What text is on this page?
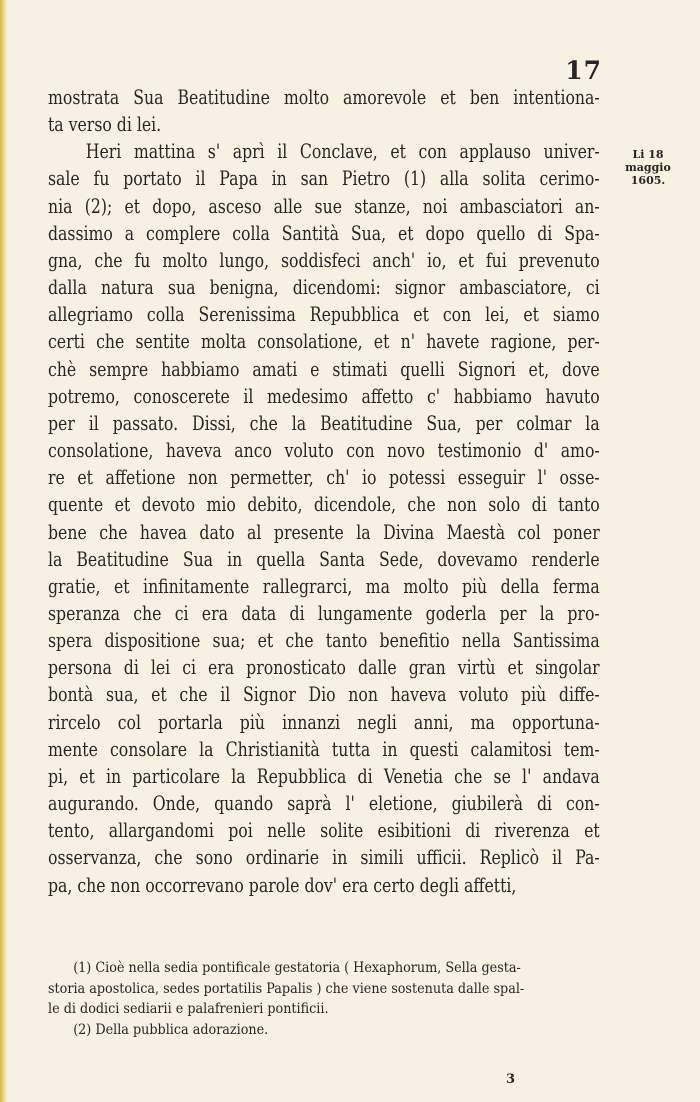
17
Li 18
maggio
1605.
mostrata Sua Beatitudine molto amorevole et ben intentiona-
ta verso di lei.
Heri mattina s' aprì il Conclave, et con applauso univer-
sale fu portato il Papa in san Pietro (1) alla solita cerimo-
nia (2); et dopo, asceso alle sue stanze, noi ambasciatori an-
dassimo a complere colla Santità Sua, et dopo quello di Spa-
gna, che fu molto lungo, soddisfeci anch' io, et fui prevenuto
dalla natura sua benigna, dicendomi: signor ambasciatore, ci
allegriamo colla Serenissima Repubblica et con lei, et siamo
certi che sentite molta consolatione, et n' havete ragione, per-
chè sempre habbiamo amati e stimati quelli Signori et, dove
potremo, conoscerete il medesimo affetto c' habbiamo havuto
per il passato. Dissi, che la Beatitudine Sua, per colmar la
consolatione, haveva anco voluto con novo testimonio d' amo-
re et affetione non permetter, ch' io potessi esseguir l' osse-
quente et devoto mio debito, dicendole, che non solo di tanto
bene che havea dato al presente la Divina Maestà col poner
la Beatitudine Sua in quella Santa Sede, dovevamo renderle
gratie, et infinitamente rallegrarci, ma molto più della ferma
speranza che ci era data di lungamente goderla per la pro-
spera dispositione sua; et che tanto benefitio nella Santissima
persona di lei ci era pronosticato dalle gran virtù et singolar
bontà sua, et che il Signor Dio non haveva voluto più diffe-
rircelo col portarla più innanzi negli anni, ma opportuna-
mente consolare la Christianità tutta in questi calamitosi tem-
pi, et in particolare la Repubblica di Venetia che se l' andava
augurando. Onde, quando saprà l' eletione, giubilerà di con-
tento, allargandomi poi nelle solite esibitioni di riverenza et
osservanza, che sono ordinarie in simili ufficii. Replicò il Pa-
pa, che non occorrevano parole dov' era certo degli affetti,
(1) Cioè nella sedia pontificale gestatoria ( Hexaphorum, Sella gesta-
storia apostolica, sedes portatilis Papalis ) che viene sostenuta dalle spal-
le di dodici sediarii e palafrenieri pontificii.
(2) Della pubblica adorazione.
3
